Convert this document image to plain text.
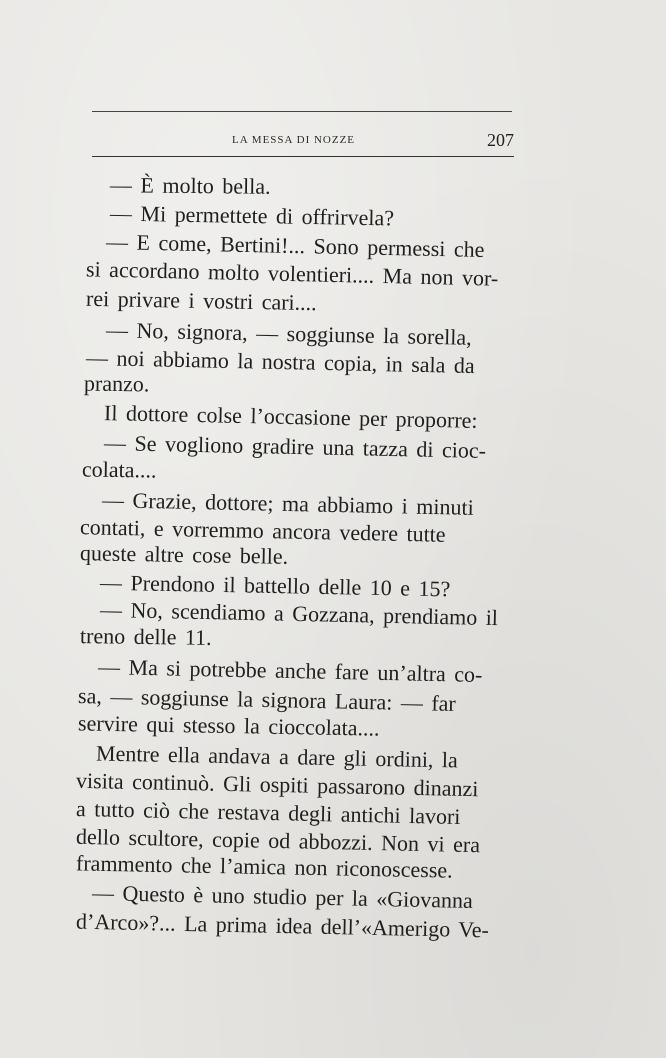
LA MESSA DI NOZZE	207
— È molto bella.
— Mi permettete di offrirvela?
— E come, Bertini!... Sono permessi che
si accordano molto volentieri.... Ma non vor-
rei privare i vostri cari....
— No, signora, — soggiunse la sorella,
— noi abbiamo la nostra copia, in sala da
pranzo.
Il dottore colse l’occasione per proporre:
— Se vogliono gradire una tazza di cioc-
colata....
— Grazie, dottore; ma abbiamo i minuti
contati, e vorremmo ancora vedere tutte
queste altre cose belle.
— Prendono il battello delle 10 e 15?
— No, scendiamo a Gozzana, prendiamo il
treno delle 11.
— Ma si potrebbe anche fare un’altra co-
sa, — soggiunse la signora Laura: — far
servire qui stesso la cioccolata....
Mentre ella andava a dare gli ordini, la
visita continuò. Gli ospiti passarono dinanzi
a tutto ciò che restava degli antichi lavori
dello scultore, copie od abbozzi. Non vi era
frammento che l’amica non riconoscesse.
— Questo è uno studio per la «Giovanna
d’Arco»?... La prima idea dell’«Amerigo Ve-
